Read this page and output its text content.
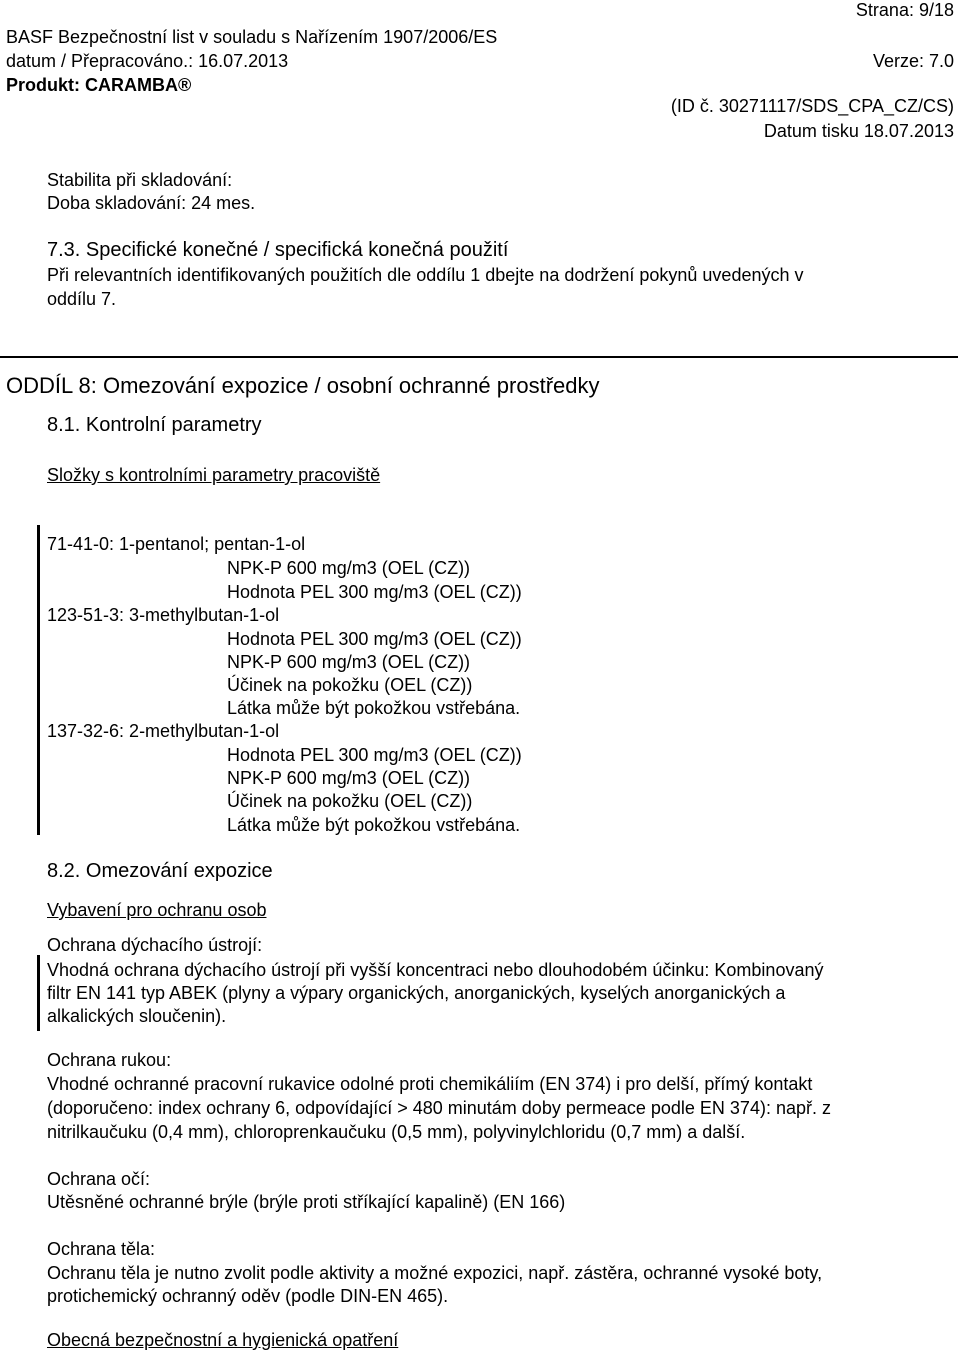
Strana: 9/18
BASF Bezpečnostní list v souladu s Nařízením 1907/2006/ES
datum / Přepracováno.: 16.07.2013	Verze: 7.0
Produkt: CARAMBA®
(ID č. 30271117/SDS_CPA_CZ/CS)
Datum tisku 18.07.2013
Stabilita při skladování:
Doba skladování: 24 mes.
7.3. Specifické konečné / specifická konečná použití
Při relevantních identifikovaných použitích dle oddílu 1 dbejte na dodržení pokynů uvedených v
oddílu 7.
ODDÍL 8: Omezování expozice / osobní ochranné prostředky
8.1. Kontrolní parametry
Složky s kontrolními parametry pracoviště
71-41-0: 1-pentanol; pentan-1-ol
NPK-P 600 mg/m3 (OEL (CZ))
Hodnota PEL 300 mg/m3 (OEL (CZ))
123-51-3: 3-methylbutan-1-ol
Hodnota PEL 300 mg/m3 (OEL (CZ))
NPK-P 600 mg/m3 (OEL (CZ))
Účinek na pokožku (OEL (CZ))
Látka může být pokožkou vstřebána.
137-32-6: 2-methylbutan-1-ol
Hodnota PEL 300 mg/m3 (OEL (CZ))
NPK-P 600 mg/m3 (OEL (CZ))
Účinek na pokožku (OEL (CZ))
Látka může být pokožkou vstřebána.
8.2. Omezování expozice
Vybavení pro ochranu osob
Ochrana dýchacího ústrojí:
Vhodná ochrana dýchacího ústrojí při vyšší koncentraci nebo dlouhodobém účinku: Kombinovaný
filtr EN 141 typ ABEK (plyny a výpary organických, anorganických, kyselých anorganických a
alkalických sloučenin).
Ochrana rukou:
Vhodné ochranné pracovní rukavice odolné proti chemikáliím (EN 374) i pro delší, přímý kontakt
(doporučeno: index ochrany 6, odpovídající > 480 minutám doby permeace podle EN 374): např. z
nitrilkaučuku (0,4 mm), chloroprenkaučuku (0,5 mm), polyvinylchloridu (0,7 mm) a další.
Ochrana očí:
Utěsněné ochranné brýle (brýle proti stříkající kapalině) (EN 166)
Ochrana těla:
Ochranu těla je nutno zvolit podle aktivity a možné expozici, např. zástěra, ochranné vysoké boty,
protichemický ochranný oděv (podle DIN-EN 465).
Obecná bezpečnostní a hygienická opatření
